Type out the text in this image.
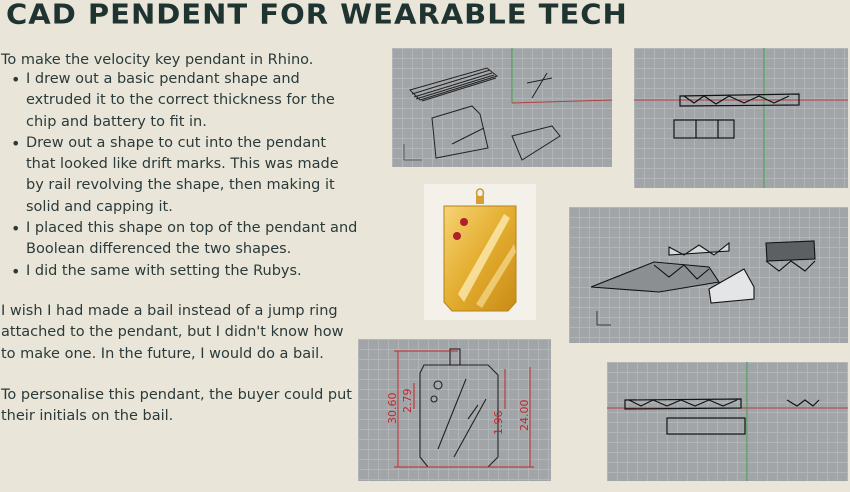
CAD PENDENT FOR WEARABLE TECH
To make the velocity key pendant in Rhino.
• I drew out a basic pendant shape and extruded it to the correct thickness for the chip and battery to fit in.
• Drew out a shape to cut into the pendant that looked like drift marks. This was made by rail revolving the shape, then making it solid and capping it.
• I placed this shape on top of the pendant and Boolean differenced the two shapes.
• I did the same with setting the Rubys.
I wish I had made a bail instead of a jump ring attached to the pendant, but I didn't know how to make one. In the future, I would do a bail.
To personalise this pendant, the buyer could put their initials on the bail.	30.60 2.79
1.96 24.00
